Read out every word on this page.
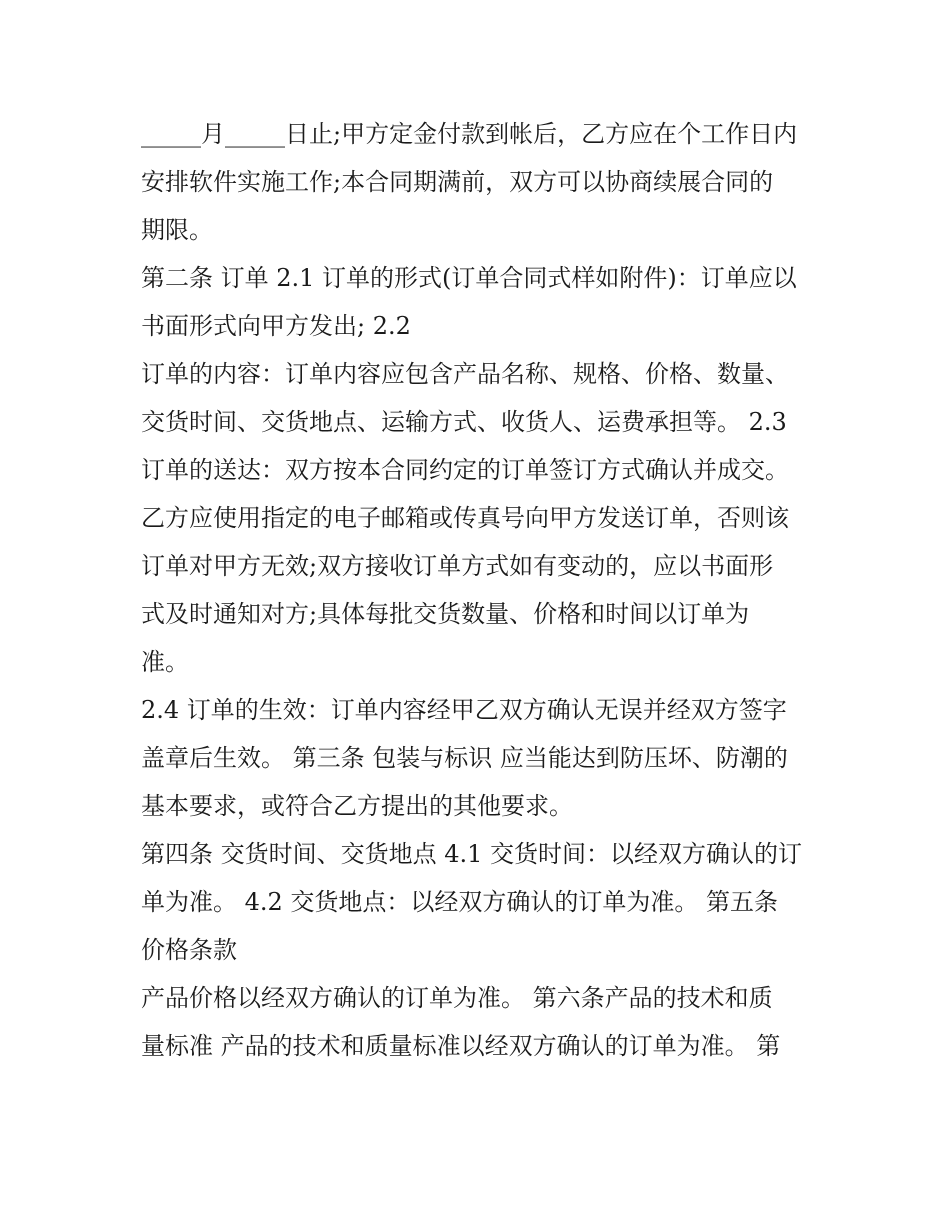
_____月_____日止;甲方定金付款到帐后，乙方应在个工作日内
安排软件实施工作;本合同期满前，双方可以协商续展合同的
期限。
第二条 订单 2.1 订单的形式(订单合同式样如附件)：订单应以
书面形式向甲方发出; 2.2
订单的内容：订单内容应包含产品名称、规格、价格、数量、
交货时间、交货地点、运输方式、收货人、运费承担等。 2.3
订单的送达：双方按本合同约定的订单签订方式确认并成交。
乙方应使用指定的电子邮箱或传真号向甲方发送订单，否则该
订单对甲方无效;双方接收订单方式如有变动的，应以书面形
式及时通知对方;具体每批交货数量、价格和时间以订单为
准。
2.4 订单的生效：订单内容经甲乙双方确认无误并经双方签字
盖章后生效。 第三条 包装与标识 应当能达到防压坏、防潮的
基本要求，或符合乙方提出的其他要求。
第四条 交货时间、交货地点 4.1 交货时间：以经双方确认的订
单为准。 4.2 交货地点：以经双方确认的订单为准。 第五条
价格条款
产品价格以经双方确认的订单为准。 第六条产品的技术和质
量标准 产品的技术和质量标准以经双方确认的订单为准。 第
